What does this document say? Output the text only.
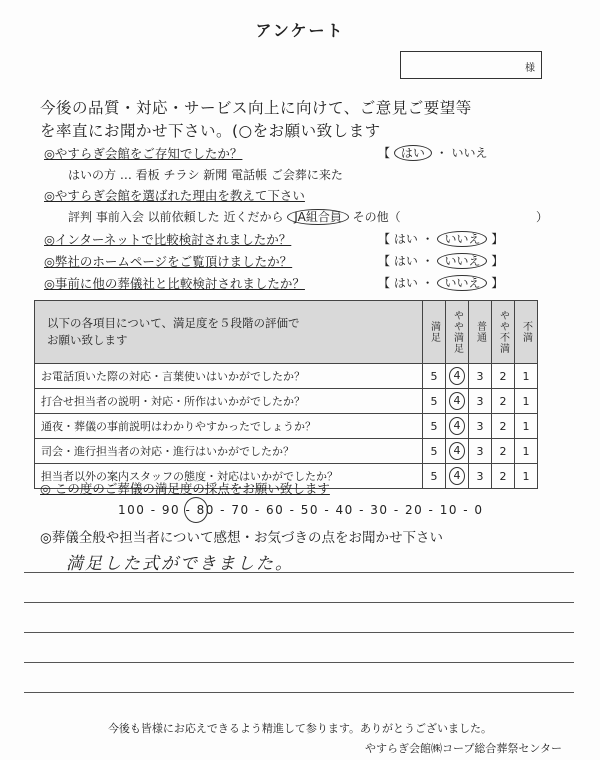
アンケート
様
今後の品質・対応・サービス向上に向けて、ご意見ご要望等
を率直にお聞かせ下さい。(○をお願い致します
◎やすらぎ会館をご存知でしたか？	【 はい ・ いいえ
はいの方 … 看板 チラシ 新聞 電話帳 ご会葬に来た
◎やすらぎ会館を選ばれた理由を教えて下さい
評判 事前入会 以前依頼した 近くだから JA組合員 その他（	）
◎インターネットで比較検討されましたか？	【 はい ・ いいえ 】
◎弊社のホームページをご覧頂けましたか？	【 はい ・ いいえ 】
◎事前に他の葬儀社と比較検討されましたか？	【 はい ・ いいえ 】
以下の各項目について、満足度を５段階の評価で
お願い致します	満足	やや満足	普通	やや不満	不満

お電話頂いた際の対応・言葉使いはいかがでしたか？	5	4	3	2	1
打合せ担当者の説明・対応・所作はいかがでしたか？	5	4	3	2	1
通夜・葬儀の事前説明はわかりやすかったでしょうか？	5	4	3	2	1
司会・進行担当者の対応・進行はいかがでしたか？	5	4	3	2	1
担当者以外の案内スタッフの態度・対応はいかがでしたか？	5	4	3	2	1
◎ この度のご葬儀の満足度の採点をお願い致します
100 - 90 - 80 - 70 - 60 - 50 - 40 - 30 - 20 - 10 - 0
◎葬儀全般や担当者について感想・お気づきの点をお聞かせ下さい
満足した式ができました。
今後も皆様にお応えできるよう精進して参ります。ありがとうございました。
やすらぎ会館㈱コープ総合葬祭センター
